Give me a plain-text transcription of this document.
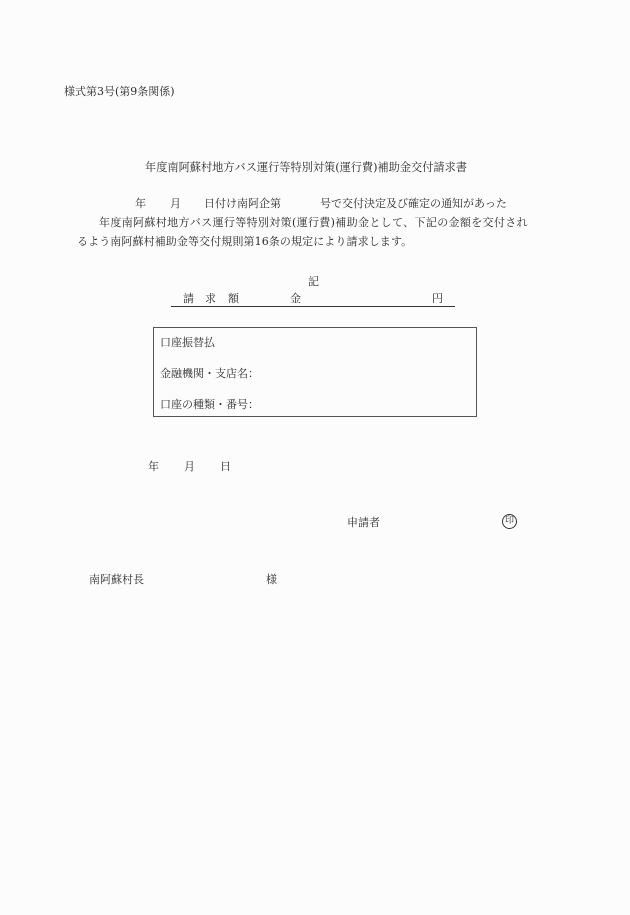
様式第3号(第9条関係)
年度南阿蘇村地方バス運行等特別対策(運行費)補助金交付請求書
年 月 日付け南阿企第	号で交付決定及び確定の通知があった
年度南阿蘇村地方バス運行等特別対策(運行費)補助金として、下記の金額を交付され
るよう南阿蘇村補助金等交付規則第16条の規定により請求します。
記
請 求 額	金	円
口座振替払
金融機関・支店名：
口座の種類・番号：
年 月 日
申請者	印
南阿蘇村長	様
